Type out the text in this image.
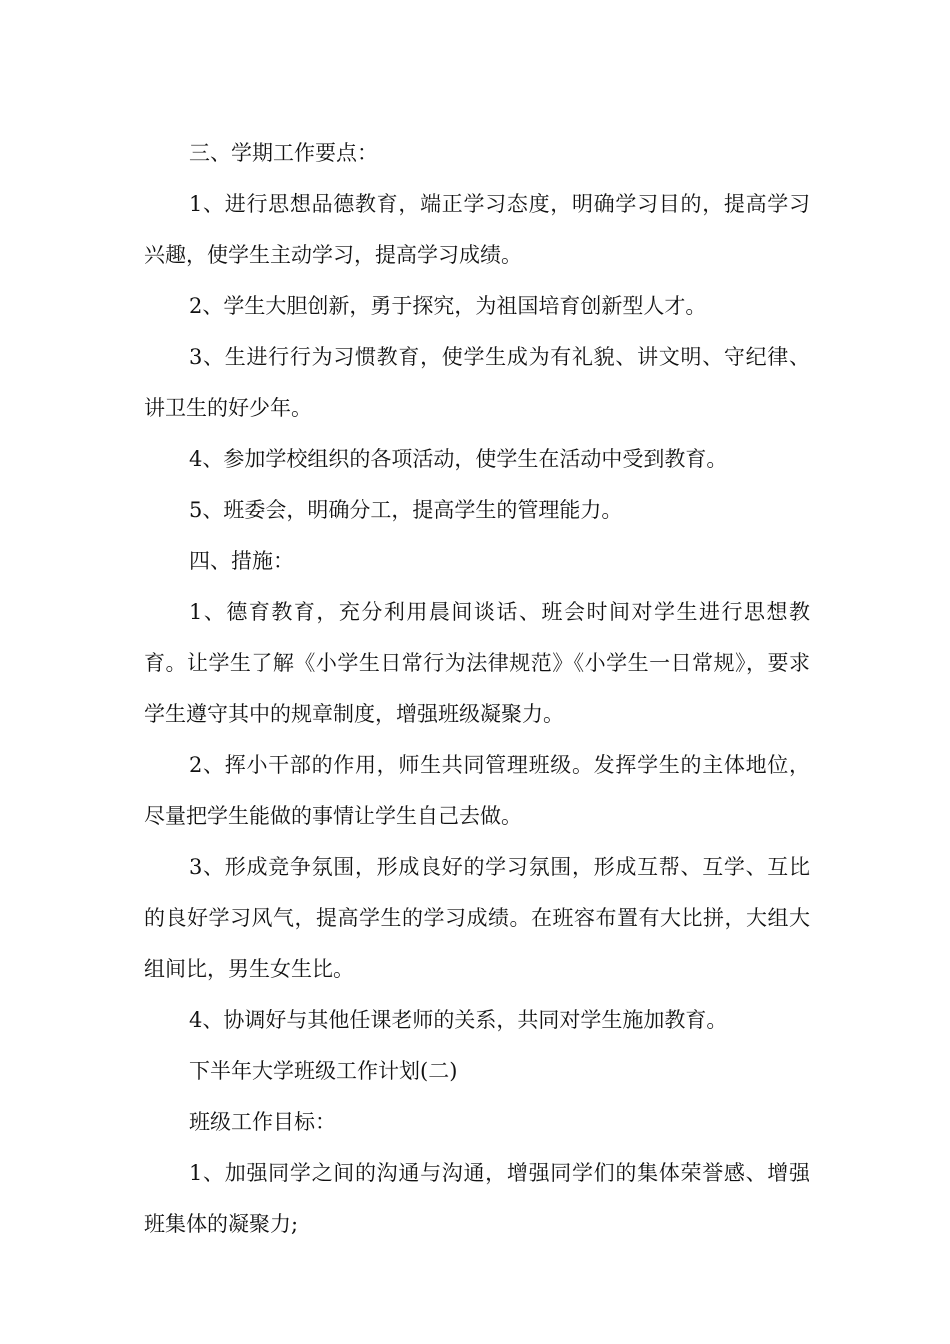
三、学期工作要点：

1、进行思想品德教育，端正学习态度，明确学习目的，提高学习兴趣，使学生主动学习，提高学习成绩。

2、学生大胆创新，勇于探究，为祖国培育创新型人才。

3、生进行行为习惯教育，使学生成为有礼貌、讲文明、守纪律、讲卫生的好少年。

4、参加学校组织的各项活动，使学生在活动中受到教育。

5、班委会，明确分工，提高学生的管理能力。

四、措施：

1、德育教育，充分利用晨间谈话、班会时间对学生进行思想教育。让学生了解《小学生日常行为法律规范》《小学生一日常规》，要求学生遵守其中的规章制度，增强班级凝聚力。

2、挥小干部的作用，师生共同管理班级。发挥学生的主体地位，尽量把学生能做的事情让学生自己去做。

3、形成竞争氛围，形成良好的学习氛围，形成互帮、互学、互比的良好学习风气，提高学生的学习成绩。在班容布置有大比拼，大组大组间比，男生女生比。

4、协调好与其他任课老师的关系，共同对学生施加教育。

下半年大学班级工作计划(二)

班级工作目标：

1、加强同学之间的沟通与沟通，增强同学们的集体荣誉感、增强班集体的凝聚力;
